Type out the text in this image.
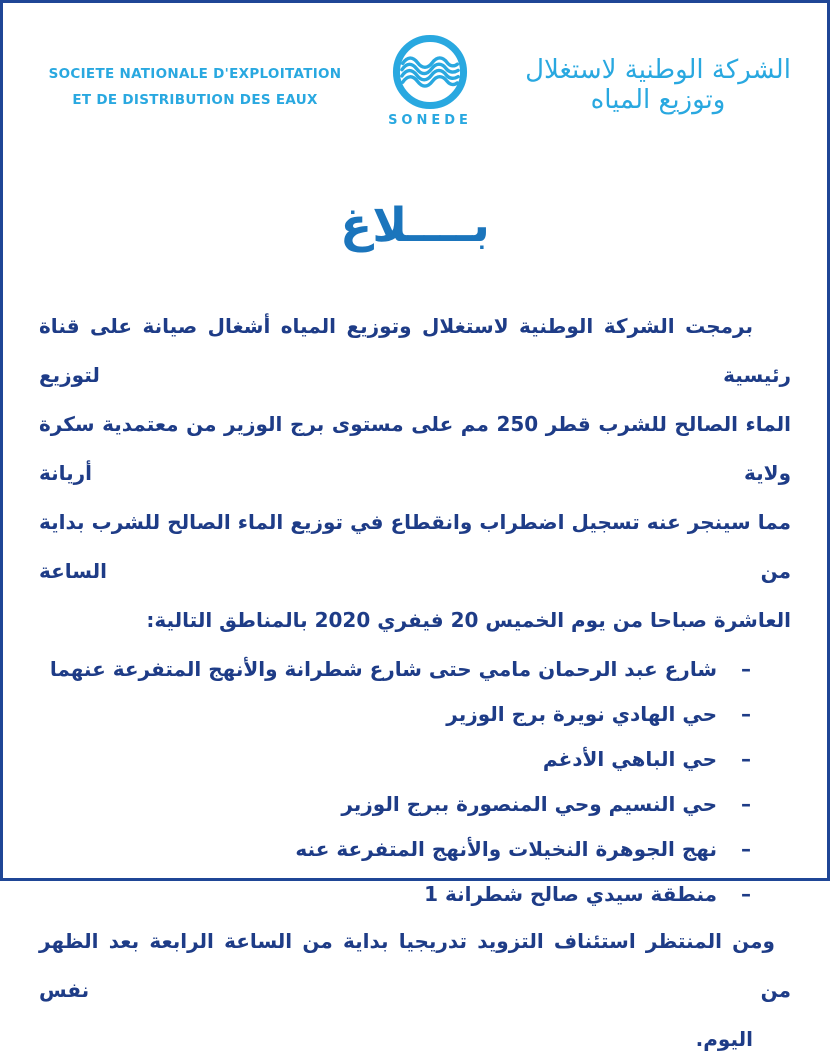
SOCIETE NATIONALE D'EXPLOITATION
ET DE DISTRIBUTION DES EAUX
SONEDE
الشركة الوطنية لاستغلال وتوزيع المياه
بــــلاغ
برمجت الشركة الوطنية لاستغلال وتوزيع المياه أشغال صيانة على قناة رئيسية لتوزيع
الماء الصالح للشرب قطر 250 مم على مستوى برج الوزير من معتمدية سكرة ولاية أريانة
مما سينجر عنه تسجيل اضطراب وانقطاع في توزيع الماء الصالح للشرب بداية من الساعة
العاشرة صباحا من يوم الخميس 20 فيفري 2020 بالمناطق التالية:
–
شارع عبد الرحمان مامي حتى شارع شطرانة والأنهج المتفرعة عنهما
–
حي الهادي نويرة برج الوزير
–
حي الباهي الأدغم
–
حي النسيم وحي المنصورة ببرج الوزير
–
نهج الجوهرة النخيلات والأنهج المتفرعة عنه
–
منطقة سيدي صالح شطرانة 1
ومن المنتظر استئناف التزويد تدريجيا بداية من الساعة الرابعة بعد الظهر من نفس
اليوم.
